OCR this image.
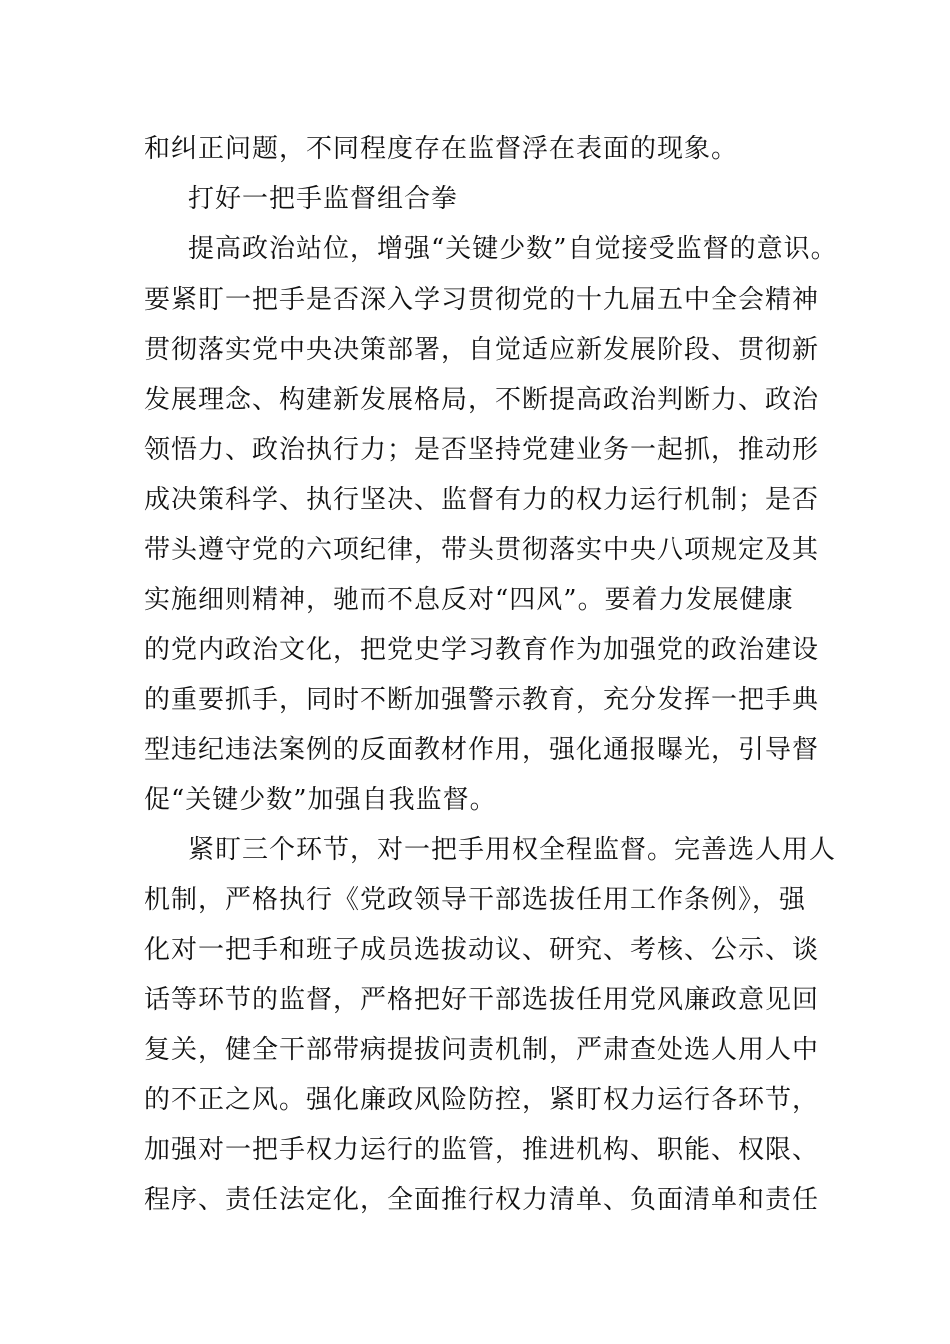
和纠正问题，不同程度存在监督浮在表面的现象。
打好一把手监督组合拳
提高政治站位，增强“关键少数”自觉接受监督的意识。
要紧盯一把手是否深入学习贯彻党的十九届五中全会精神
贯彻落实党中央决策部署，自觉适应新发展阶段、贯彻新
发展理念、构建新发展格局，不断提高政治判断力、政治
领悟力、政治执行力；是否坚持党建业务一起抓，推动形
成决策科学、执行坚决、监督有力的权力运行机制；是否
带头遵守党的六项纪律，带头贯彻落实中央八项规定及其
实施细则精神，驰而不息反对“四风”。要着力发展健康
的党内政治文化，把党史学习教育作为加强党的政治建设
的重要抓手，同时不断加强警示教育，充分发挥一把手典
型违纪违法案例的反面教材作用，强化通报曝光，引导督
促“关键少数”加强自我监督。
紧盯三个环节，对一把手用权全程监督。完善选人用人
机制，严格执行《党政领导干部选拔任用工作条例》，强
化对一把手和班子成员选拔动议、研究、考核、公示、谈
话等环节的监督，严格把好干部选拔任用党风廉政意见回
复关，健全干部带病提拔问责机制，严肃查处选人用人中
的不正之风。强化廉政风险防控，紧盯权力运行各环节，
加强对一把手权力运行的监管，推进机构、职能、权限、
程序、责任法定化，全面推行权力清单、负面清单和责任
